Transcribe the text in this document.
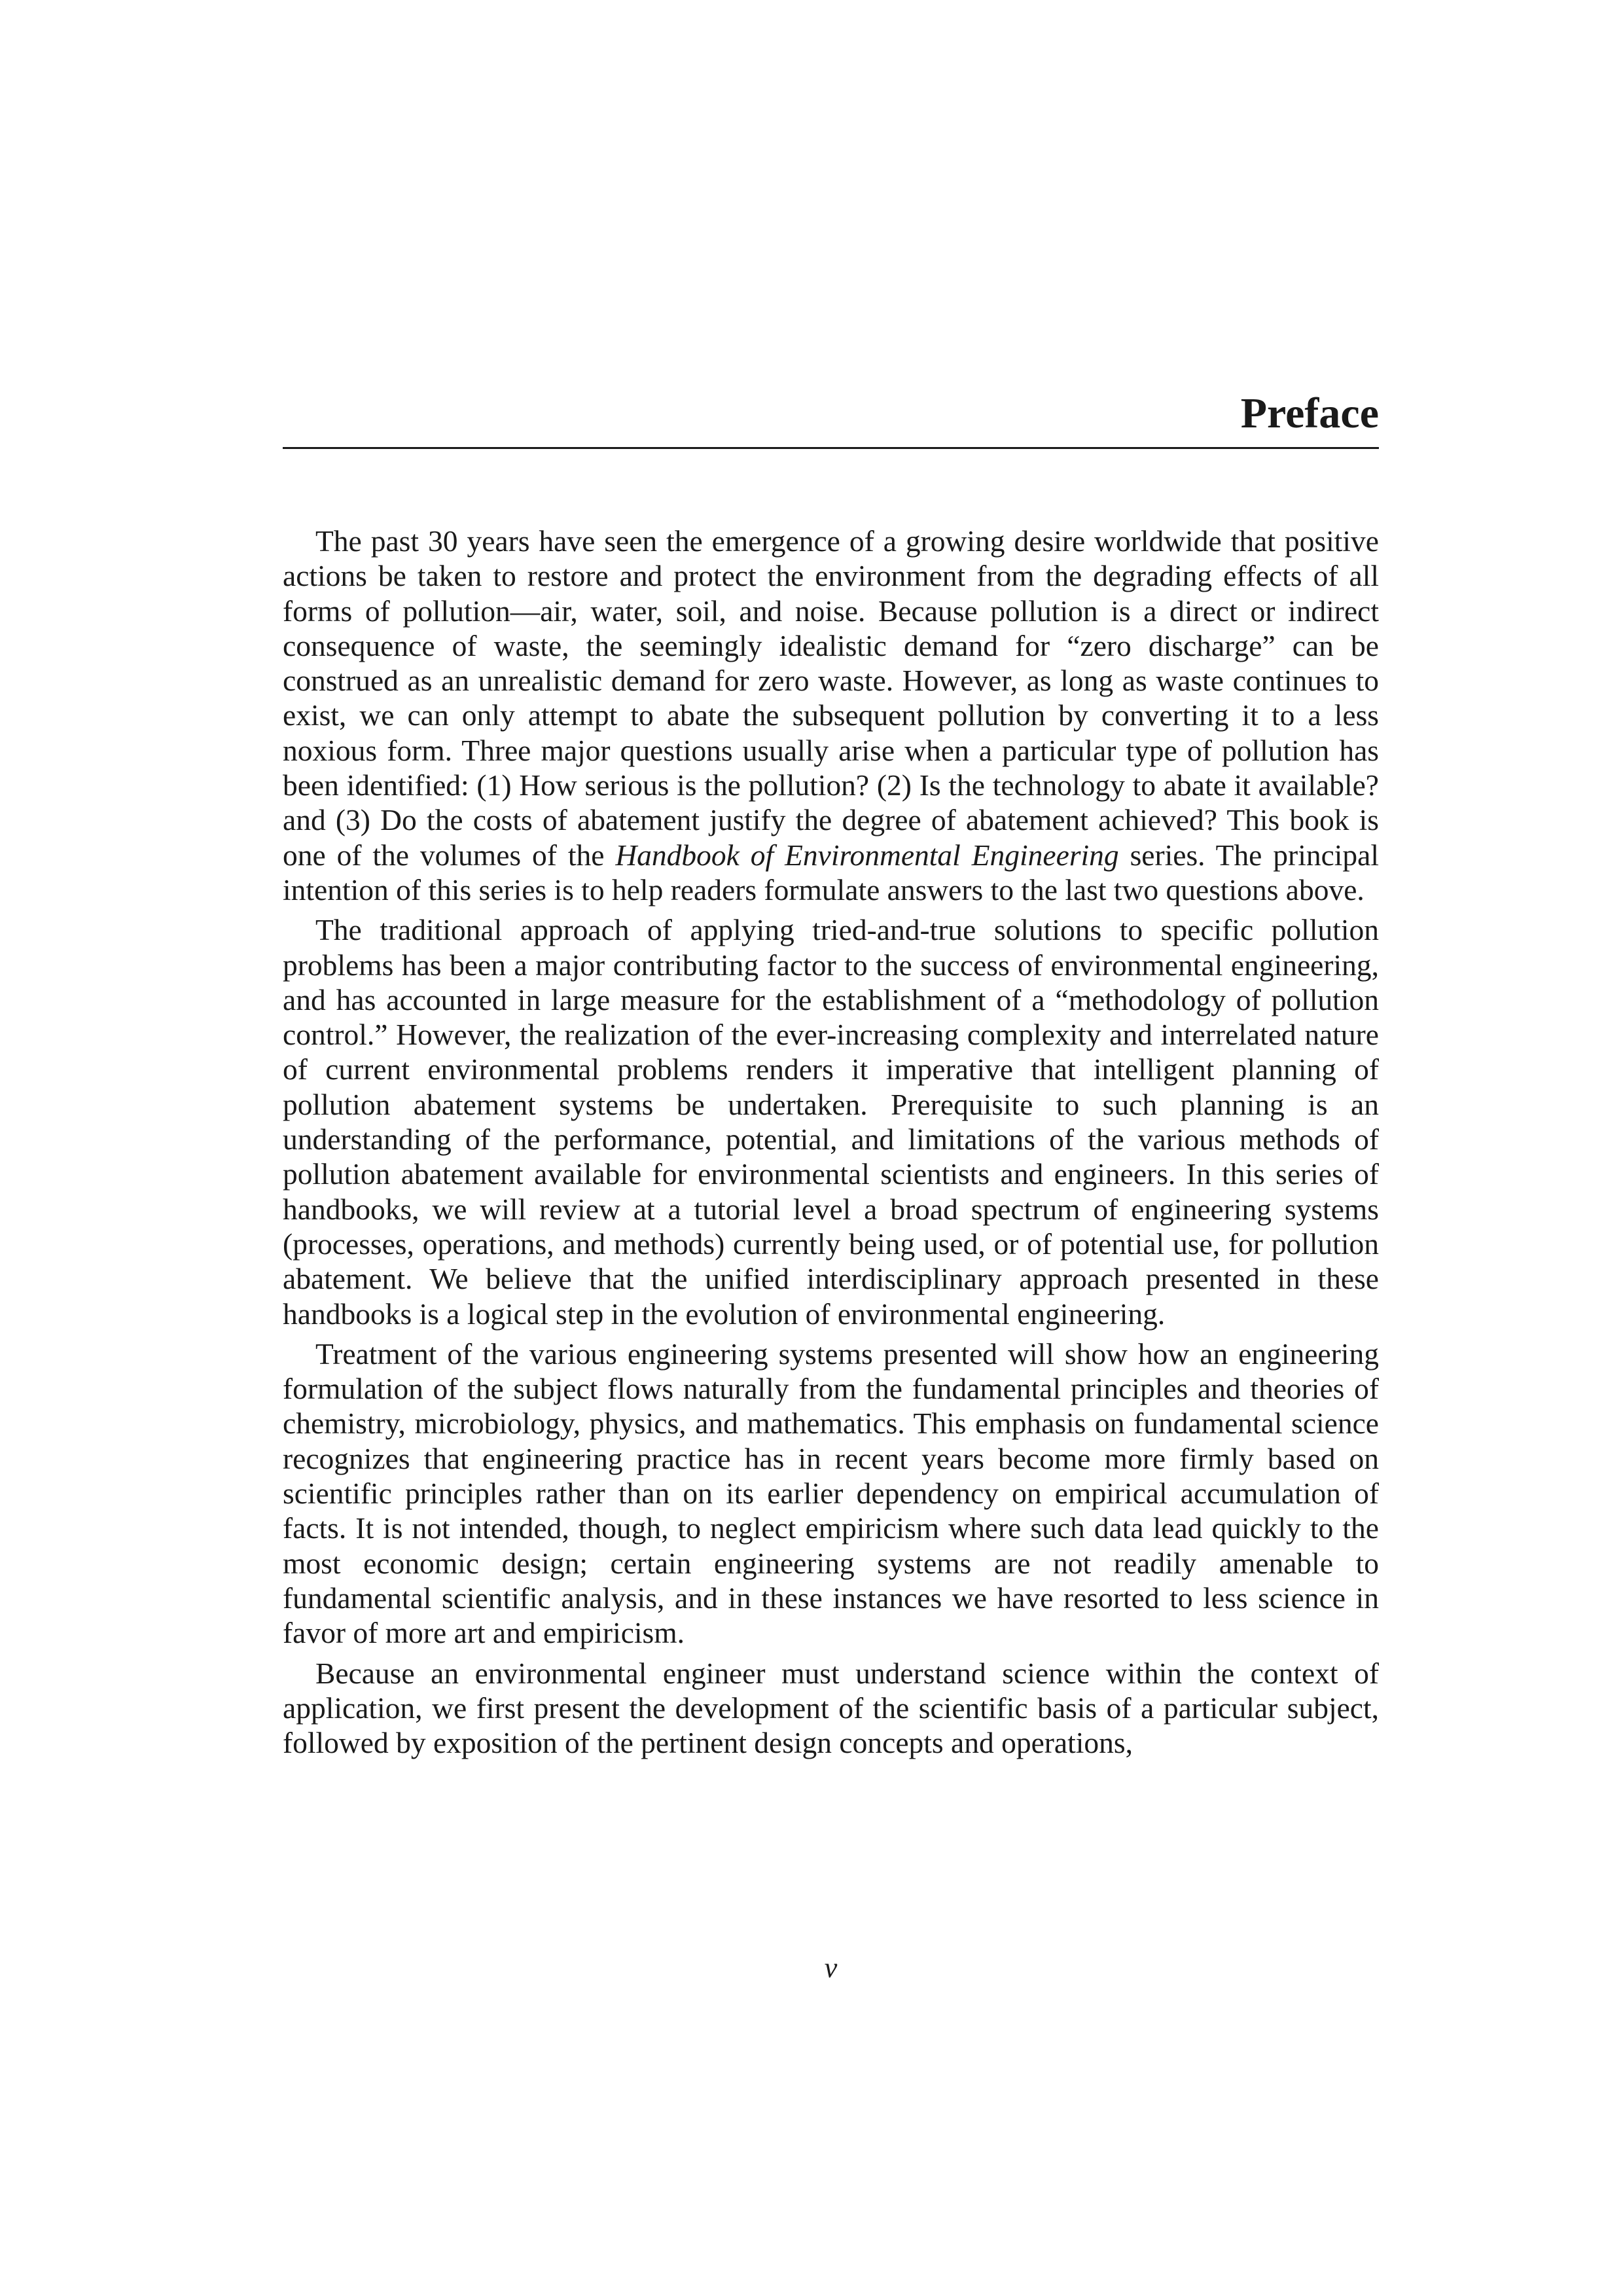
Preface

The past 30 years have seen the emergence of a growing desire worldwide that positive actions be taken to restore and protect the environment from the degrading effects of all forms of pollution—air, water, soil, and noise. Because pollution is a direct or indirect consequence of waste, the seemingly idealistic demand for “zero discharge” can be construed as an unrealistic demand for zero waste. However, as long as waste continues to exist, we can only attempt to abate the subsequent pollution by converting it to a less noxious form. Three major questions usually arise when a particular type of pollution has been identified: (1) How serious is the pollution? (2) Is the technology to abate it available? and (3) Do the costs of abatement justify the degree of abatement achieved? This book is one of the volumes of the Handbook of Environmental Engineering series. The principal intention of this series is to help readers formulate answers to the last two questions above.

The traditional approach of applying tried-and-true solutions to specific pollution problems has been a major contributing factor to the success of environmental engineering, and has accounted in large measure for the establishment of a “methodology of pollution control.” However, the realization of the ever-increasing complexity and interrelated nature of current environmental problems renders it imperative that intelligent planning of pollution abatement systems be undertaken. Prerequisite to such planning is an understanding of the performance, potential, and limitations of the various methods of pollution abatement available for environmental scientists and engineers. In this series of handbooks, we will review at a tutorial level a broad spectrum of engineering systems (processes, operations, and methods) currently being used, or of potential use, for pollution abatement. We believe that the unified interdisciplinary approach presented in these handbooks is a logical step in the evolution of environmental engineering.

Treatment of the various engineering systems presented will show how an engineering formulation of the subject flows naturally from the fundamental principles and theories of chemistry, microbiology, physics, and mathematics. This emphasis on fundamental science recognizes that engineering practice has in recent years become more firmly based on scientific principles rather than on its earlier dependency on empirical accumulation of facts. It is not intended, though, to neglect empiricism where such data lead quickly to the most economic design; certain engineering systems are not readily amenable to fundamental scientific analysis, and in these instances we have resorted to less science in favor of more art and empiricism.

Because an environmental engineer must understand science within the context of application, we first present the development of the scientific basis of a particular subject, followed by exposition of the pertinent design concepts and operations,

v
